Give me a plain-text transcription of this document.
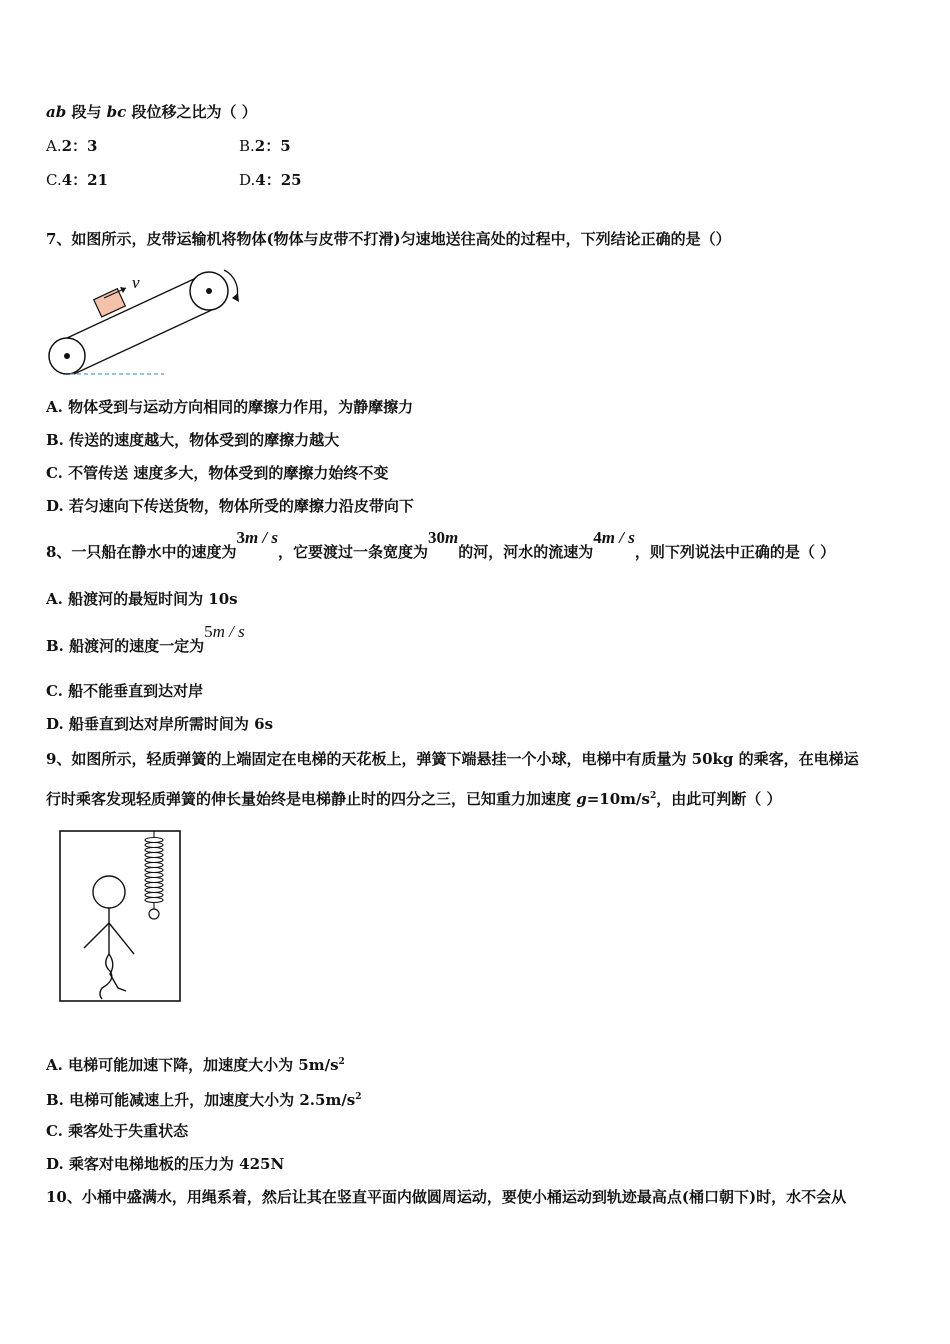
ab 段与 bc 段位移之比为（ ）
A.2：3	B.2：5
C.4：21	D.4：25
7、如图所示，皮带运输机将物体(物体与皮带不打滑)匀速地送往高处的过程中，下列结论正确的是（）
v
A. 物体受到与运动方向相同的摩擦力作用，为静摩擦力
B. 传送的速度越大，物体受到的摩擦力越大
C. 不管传送 速度多大，物体受到的摩擦力始终不变
D. 若匀速向下传送货物，物体所受的摩擦力沿皮带向下
8、一只船在静水中的速度为3m / s，它要渡过一条宽度为30m的河，河水的流速为4m / s，则下列说法中正确的是（ ）
A. 船渡河的最短时间为 10s
B. 船渡河的速度一定为5m / s
C. 船不能垂直到达对岸
D. 船垂直到达对岸所需时间为 6s
9、如图所示，轻质弹簧的上端固定在电梯的天花板上，弹簧下端悬挂一个小球，电梯中有质量为 50kg 的乘客，在电梯运
行时乘客发现轻质弹簧的伸长量始终是电梯静止时的四分之三，已知重力加速度 $g=10m/s^2$，由此可判断（ ）
A. 电梯可能加速下降，加速度大小为 $5m/s^2$
B. 电梯可能减速上升，加速度大小为 $2.5m/s^2$
C. 乘客处于失重状态
D. 乘客对电梯地板的压力为 425N
10、小桶中盛满水，用绳系着，然后让其在竖直平面内做圆周运动，要使小桶运动到轨迹最高点(桶口朝下)时，水不会从
